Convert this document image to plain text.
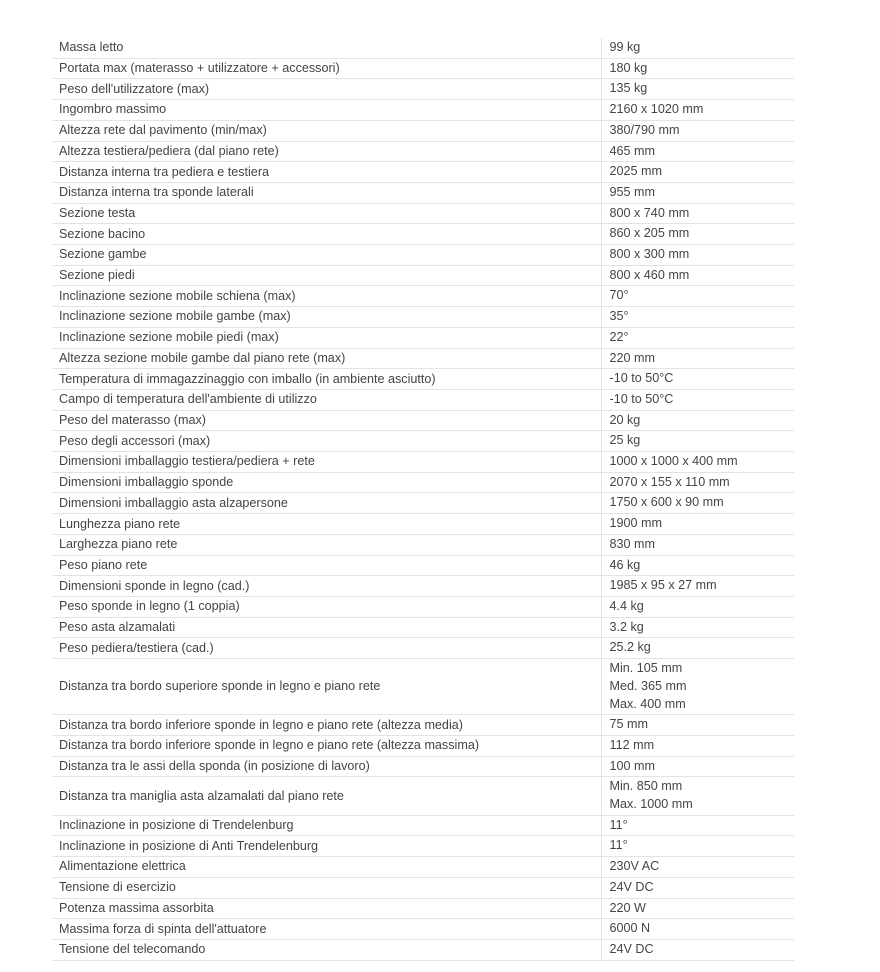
Massa letto	99 kg

Portata max (materasso + utilizzatore + accessori)	180 kg

Peso dell'utilizzatore (max)	135 kg

Ingombro massimo	2160 x 1020 mm

Altezza rete dal pavimento (min/max)	380/790 mm

Altezza testiera/pediera (dal piano rete)	465 mm

Distanza interna tra pediera e testiera	2025 mm

Distanza interna tra sponde laterali	955 mm

Sezione testa	800 x 740 mm

Sezione bacino	860 x 205 mm

Sezione gambe	800 x 300 mm

Sezione piedi	800 x 460 mm

Inclinazione sezione mobile schiena (max)	70°

Inclinazione sezione mobile gambe (max)	35°

Inclinazione sezione mobile piedi (max)	22°

Altezza sezione mobile gambe dal piano rete (max)	220 mm

Temperatura di immagazzinaggio con imballo (in ambiente asciutto)	-10 to 50°C

Campo di temperatura dell'ambiente di utilizzo	-10 to 50°C

Peso del materasso (max)	20 kg

Peso degli accessori (max)	25 kg

Dimensioni imballaggio testiera/pediera + rete	1000 x 1000 x 400 mm

Dimensioni imballaggio sponde	2070 x 155 x 110 mm

Dimensioni imballaggio asta alzapersone	1750 x 600 x 90 mm

Lunghezza piano rete	1900 mm

Larghezza piano rete	830 mm

Peso piano rete	46 kg

Dimensioni sponde in legno (cad.)	1985 x 95 x 27 mm

Peso sponde in legno (1 coppia)	4.4 kg

Peso asta alzamalati	3.2 kg

Peso pediera/testiera (cad.)	25.2 kg

Distanza tra bordo superiore sponde in legno e piano rete	Min. 105 mm
Med. 365 mm
Max. 400 mm

Distanza tra bordo inferiore sponde in legno e piano rete (altezza media)	75 mm

Distanza tra bordo inferiore sponde in legno e piano rete (altezza massima)	112 mm

Distanza tra le assi della sponda (in posizione di lavoro)	100 mm

Distanza tra maniglia asta alzamalati dal piano rete	Min. 850 mm
Max. 1000 mm

Inclinazione in posizione di Trendelenburg	11°

Inclinazione in posizione di Anti Trendelenburg	11°

Alimentazione elettrica	230V AC

Tensione di esercizio	24V DC

Potenza massima assorbita	220 W

Massima forza di spinta dell'attuatore	6000 N

Tensione del telecomando	24V DC
